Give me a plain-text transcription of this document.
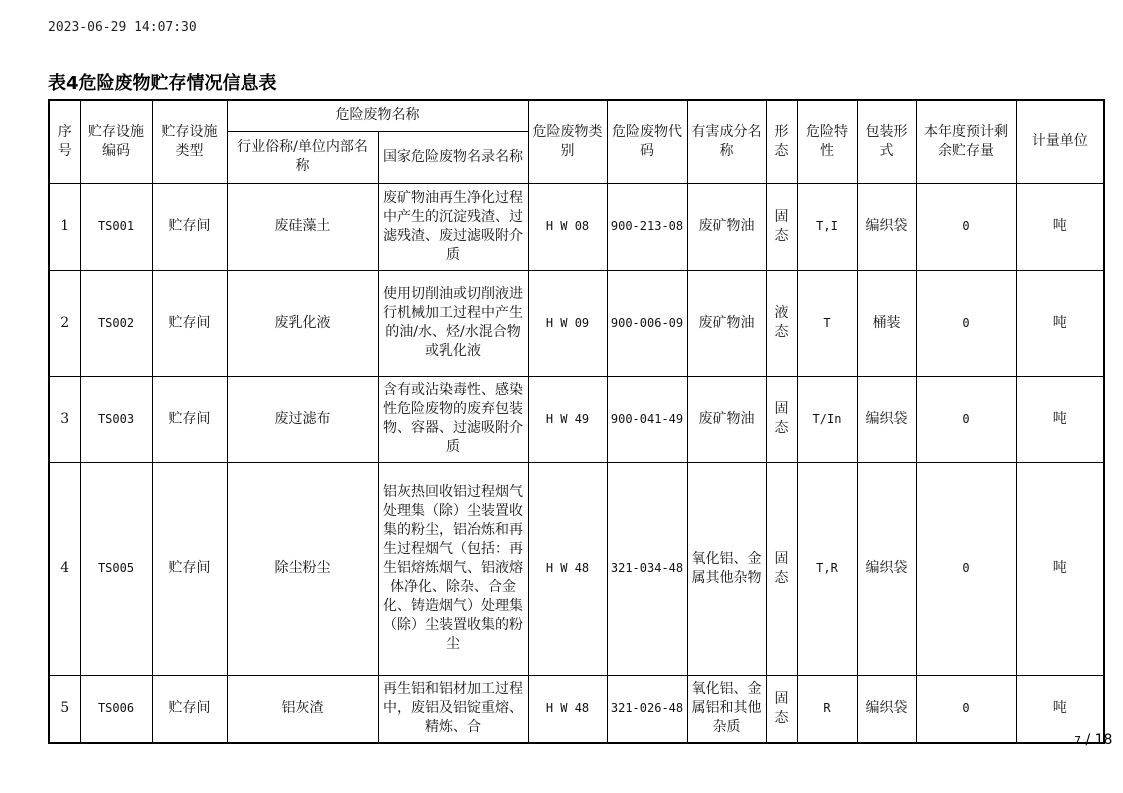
2023-06-29 14:07:30
表4危险废物贮存情况信息表
序号	贮存设施编码	贮存设施类型	危险废物名称		危险废物类别	危险废物代码	有害成分名称	形态	危险特性	包装形式	本年度预计剩余贮存量	计量单位
			行业俗称/单位内部名称	国家危险废物名录名称								
1	TS001	贮存间	废硅藻土	废矿物油再生净化过程中产生的沉淀残渣、过滤残渣、废过滤吸附介质	H W 08	900-213-08	废矿物油	固态	T,I	编织袋	0	吨
2	TS002	贮存间	废乳化液	使用切削油或切削液进行机械加工过程中产生的油/水、烃/水混合物或乳化液	H W 09	900-006-09	废矿物油	液态	T	桶装	0	吨
3	TS003	贮存间	废过滤布	含有或沾染毒性、感染性危险废物的废弃包装物、容器、过滤吸附介质	H W 49	900-041-49	废矿物油	固态	T/In	编织袋	0	吨
4	TS005	贮存间	除尘粉尘	铝灰热回收铝过程烟气处理集（除）尘装置收集的粉尘，铝冶炼和再生过程烟气（包括：再生铝熔炼烟气、铝液熔体净化、除杂、合金化、铸造烟气）处理集（除）尘装置收集的粉尘	H W 48	321-034-48	氧化铝、金属其他杂物	固态	T,R	编织袋	0	吨
5	TS006	贮存间	铝灰渣	再生铝和铝材加工过程中，废铝及铝锭重熔、精炼、合	H W 48	321-026-48	氧化铝、金属铝和其他杂质	固态	R	编织袋	0	吨
7 / 18
